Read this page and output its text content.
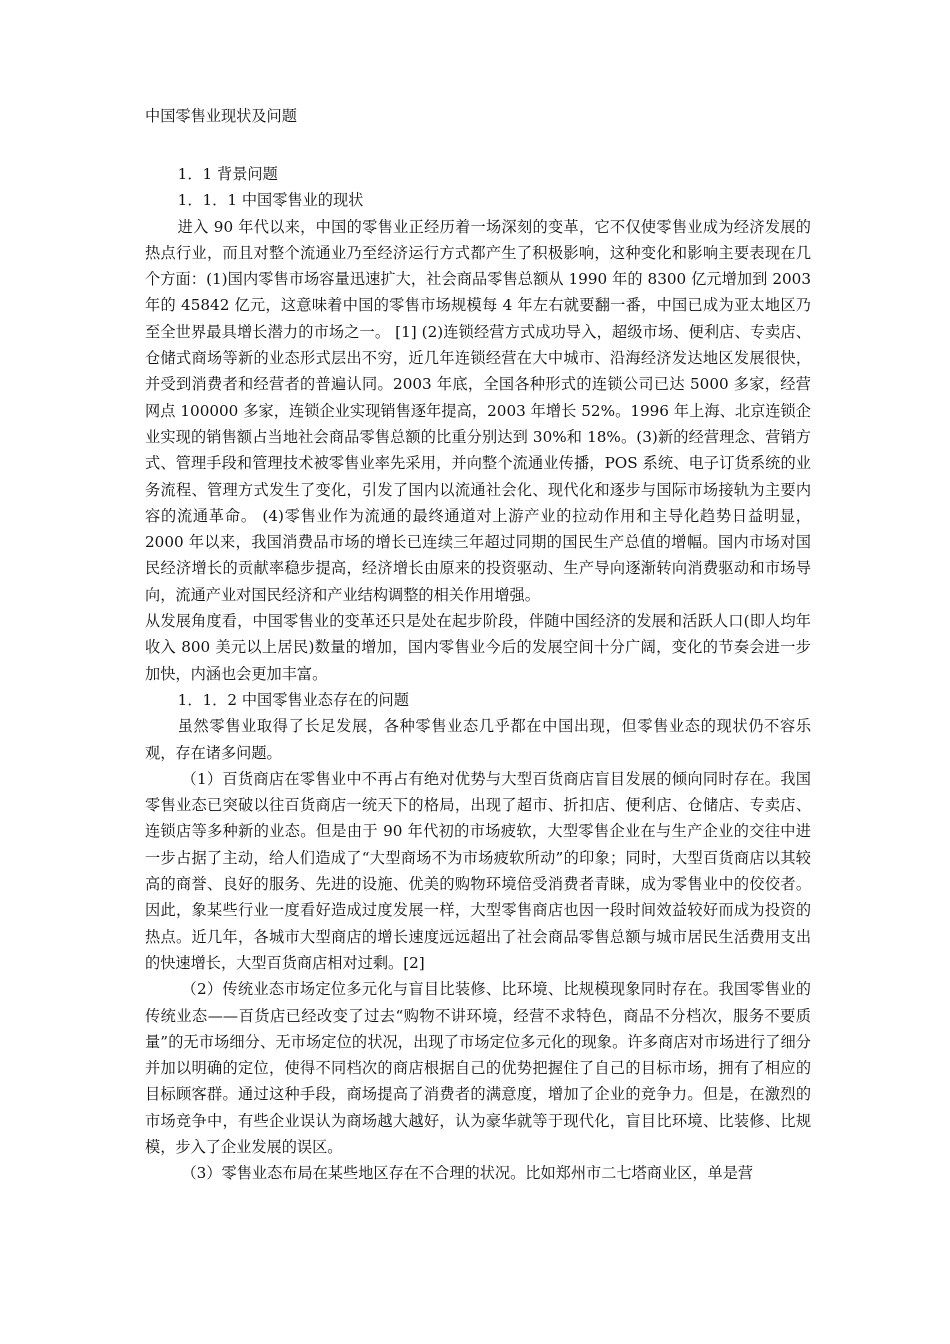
中国零售业现状及问题

1．1 背景问题

1．1．1 中国零售业的现状

进入 90 年代以来，中国的零售业正经历着一场深刻的变革，它不仅使零售业成为经济发展的热点行业，而且对整个流通业乃至经济运行方式都产生了积极影响，这种变化和影响主要表现在几个方面：(1)国内零售市场容量迅速扩大，社会商品零售总额从 1990 年的 8300 亿元增加到 2003 年的 45842 亿元，这意味着中国的零售市场规模每 4 年左右就要翻一番，中国已成为亚太地区乃至全世界最具增长潜力的市场之一。 [1] (2)连锁经营方式成功导入，超级市场、便利店、专卖店、仓储式商场等新的业态形式层出不穷，近几年连锁经营在大中城市、沿海经济发达地区发展很快，并受到消费者和经营者的普遍认同。2003 年底，全国各种形式的连锁公司已达 5000 多家，经营网点 100000 多家，连锁企业实现销售逐年提高，2003 年增长 52%。1996 年上海、北京连锁企业实现的销售额占当地社会商品零售总额的比重分别达到 30%和 18%。(3)新的经营理念、营销方式、管理手段和管理技术被零售业率先采用，并向整个流通业传播，POS 系统、电子订货系统的业务流程、管理方式发生了变化，引发了国内以流通社会化、现代化和逐步与国际市场接轨为主要内容的流通革命。 (4)零售业作为流通的最终通道对上游产业的拉动作用和主导化趋势日益明显，2000 年以来，我国消费品市场的增长已连续三年超过同期的国民生产总值的增幅。国内市场对国民经济增长的贡献率稳步提高，经济增长由原来的投资驱动、生产导向逐渐转向消费驱动和市场导向，流通产业对国民经济和产业结构调整的相关作用增强。

从发展角度看，中国零售业的变革还只是处在起步阶段，伴随中国经济的发展和活跃人口(即人均年收入 800 美元以上居民)数量的增加，国内零售业今后的发展空间十分广阔，变化的节奏会进一步加快，内涵也会更加丰富。

1．1．2 中国零售业态存在的问题

虽然零售业取得了长足发展，各种零售业态几乎都在中国出现，但零售业态的现状仍不容乐观，存在诸多问题。

（1）百货商店在零售业中不再占有绝对优势与大型百货商店盲目发展的倾向同时存在。我国零售业态已突破以往百货商店一统天下的格局，出现了超市、折扣店、便利店、仓储店、专卖店、连锁店等多种新的业态。但是由于 90 年代初的市场疲软，大型零售企业在与生产企业的交往中进一步占据了主动，给人们造成了“大型商场不为市场疲软所动”的印象；同时，大型百货商店以其较高的商誉、良好的服务、先进的设施、优美的购物环境倍受消费者青睐，成为零售业中的佼佼者。因此，象某些行业一度看好造成过度发展一样，大型零售商店也因一段时间效益较好而成为投资的热点。近几年，各城市大型商店的增长速度远远超出了社会商品零售总额与城市居民生活费用支出的快速增长，大型百货商店相对过剩。[2]

（2）传统业态市场定位多元化与盲目比装修、比环境、比规模现象同时存在。我国零售业的传统业态——百货店已经改变了过去“购物不讲环境，经营不求特色，商品不分档次，服务不要质量”的无市场细分、无市场定位的状况，出现了市场定位多元化的现象。许多商店对市场进行了细分并加以明确的定位，使得不同档次的商店根据自己的优势把握住了自己的目标市场，拥有了相应的目标顾客群。通过这种手段，商场提高了消费者的满意度，增加了企业的竞争力。但是，在激烈的市场竞争中，有些企业误认为商场越大越好，认为豪华就等于现代化，盲目比环境、比装修、比规模，步入了企业发展的误区。

（3）零售业态布局在某些地区存在不合理的状况。比如郑州市二七塔商业区，单是营
